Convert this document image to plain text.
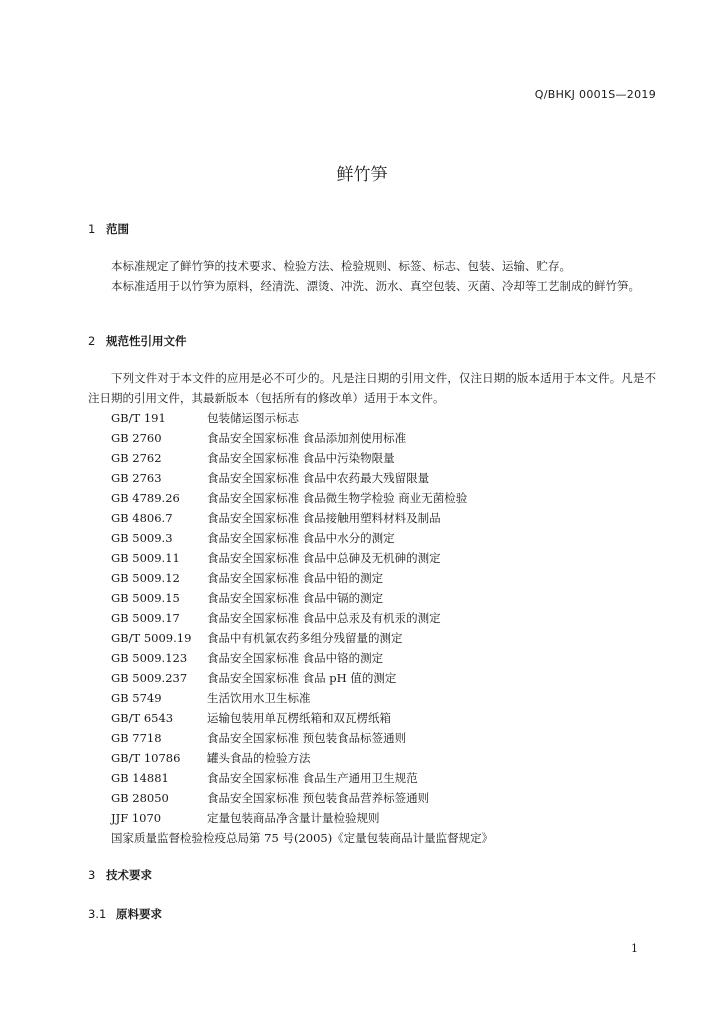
Q/BHKJ 0001S—2019
鲜竹笋
1 范围
本标准规定了鲜竹笋的技术要求、检验方法、检验规则、标签、标志、包装、运输、贮存。
本标准适用于以竹笋为原料，经清洗、漂烫、冲洗、沥水、真空包装、灭菌、冷却等工艺制成的鲜竹笋。
2 规范性引用文件
下列文件对于本文件的应用是必不可少的。凡是注日期的引用文件，仅注日期的版本适用于本文件。凡是不注日期的引用文件，其最新版本（包括所有的修改单）适用于本文件。
GB/T 191	包装储运图示标志
GB 2760	食品安全国家标准 食品添加剂使用标准
GB 2762	食品安全国家标准 食品中污染物限量
GB 2763	食品安全国家标准 食品中农药最大残留限量
GB 4789.26 食品安全国家标准 食品微生物学检验 商业无菌检验
GB 4806.7	食品安全国家标准 食品接触用塑料材料及制品
GB 5009.3	食品安全国家标准 食品中水分的测定
GB 5009.11 食品安全国家标准 食品中总砷及无机砷的测定
GB 5009.12 食品安全国家标准 食品中铅的测定
GB 5009.15 食品安全国家标准 食品中镉的测定
GB 5009.17 食品安全国家标准 食品中总汞及有机汞的测定
GB/T 5009.19 食品中有机氯农药多组分残留量的测定
GB 5009.123 食品安全国家标准 食品中铬的测定
GB 5009.237 食品安全国家标准 食品 pH 值的测定
GB 5749	生活饮用水卫生标准
GB/T 6543	运输包装用单瓦楞纸箱和双瓦楞纸箱
GB 7718	食品安全国家标准 预包装食品标签通则
GB/T 10786 罐头食品的检验方法
GB 14881	食品安全国家标准 食品生产通用卫生规范
GB 28050	食品安全国家标准 预包装食品营养标签通则
JJF 1070	定量包装商品净含量计量检验规则
国家质量监督检验检疫总局第 75 号(2005)《定量包装商品计量监督规定》
3 技术要求
3.1 原料要求
1
